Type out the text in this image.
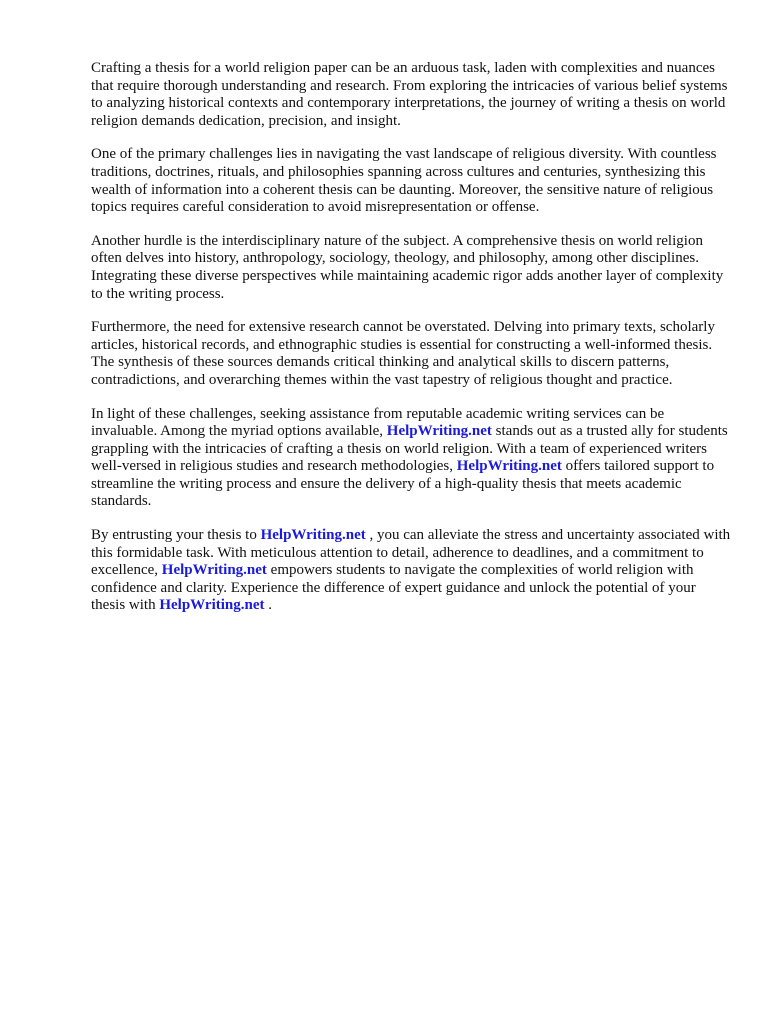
Crafting a thesis for a world religion paper can be an arduous task, laden with complexities and nuances that require thorough understanding and research. From exploring the intricacies of various belief systems to analyzing historical contexts and contemporary interpretations, the journey of writing a thesis on world religion demands dedication, precision, and insight.

One of the primary challenges lies in navigating the vast landscape of religious diversity. With countless traditions, doctrines, rituals, and philosophies spanning across cultures and centuries, synthesizing this wealth of information into a coherent thesis can be daunting. Moreover, the sensitive nature of religious topics requires careful consideration to avoid misrepresentation or offense.

Another hurdle is the interdisciplinary nature of the subject. A comprehensive thesis on world religion often delves into history, anthropology, sociology, theology, and philosophy, among other disciplines. Integrating these diverse perspectives while maintaining academic rigor adds another layer of complexity to the writing process.

Furthermore, the need for extensive research cannot be overstated. Delving into primary texts, scholarly articles, historical records, and ethnographic studies is essential for constructing a well-informed thesis. The synthesis of these sources demands critical thinking and analytical skills to discern patterns, contradictions, and overarching themes within the vast tapestry of religious thought and practice.

In light of these challenges, seeking assistance from reputable academic writing services can be invaluable. Among the myriad options available, HelpWriting.net stands out as a trusted ally for students grappling with the intricacies of crafting a thesis on world religion. With a team of experienced writers well-versed in religious studies and research methodologies, HelpWriting.net offers tailored support to streamline the writing process and ensure the delivery of a high-quality thesis that meets academic standards.

By entrusting your thesis to HelpWriting.net , you can alleviate the stress and uncertainty associated with this formidable task. With meticulous attention to detail, adherence to deadlines, and a commitment to excellence, HelpWriting.net empowers students to navigate the complexities of world religion with confidence and clarity. Experience the difference of expert guidance and unlock the potential of your thesis with HelpWriting.net .
